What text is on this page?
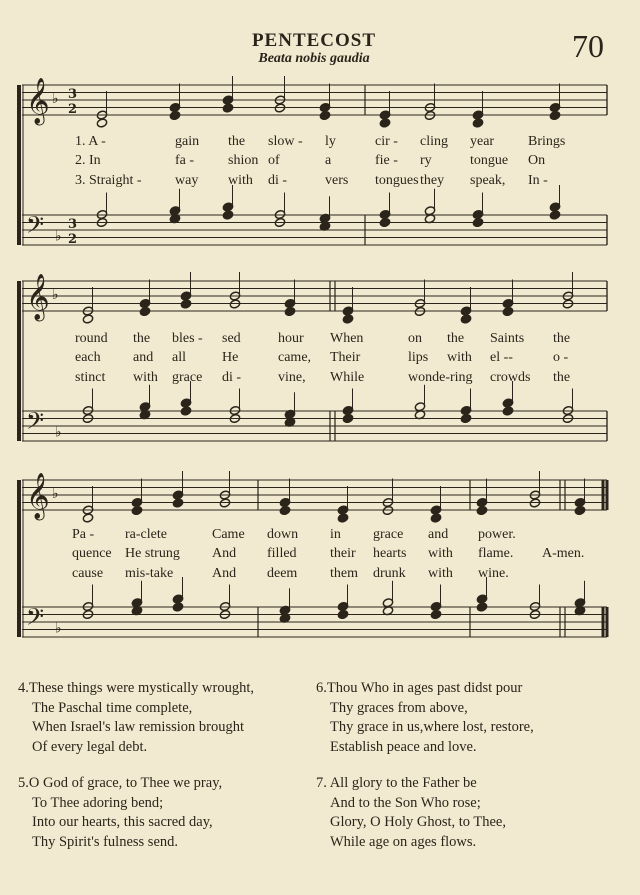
PENTECOST
Beata nobis gaudia	70
𝄞 ♭ 3
2
𝄢 ♭
3
2
𝄞 ♭
𝄢 ♭
𝄞 ♭
𝄢 ♭
1. A -	gain the slow - ly	cir - cling year Brings
2. In	fa - shion of	a	fie - ry	tongue On
3. Straight - way with di -	vers tongues they speak, In -
round the bles - sed	hour When	on the Saints the
each and all	He	came, Their	lips with el --	o -
stinct with grace di -	vine, While	wonde-ring crowds the
Pa - ra-clete	Came down in grace and power.
quence He strung And filled their hearts with flame. A-men.
cause mis-take	And deem them drunk with wine.
4.These things were mystically wrought,
The Paschal time complete,
When Israel's law remission brought
Of every legal debt.
6.Thou Who in ages past didst pour
Thy graces from above,
Thy grace in us,where lost, restore,
Establish peace and love.
5.O God of grace, to Thee we pray,
To Thee adoring bend;
Into our hearts, this sacred day,
Thy Spirit's fulness send.
7. All glory to the Father be
And to the Son Who rose;
Glory, O Holy Ghost, to Thee,
While age on ages flows.
